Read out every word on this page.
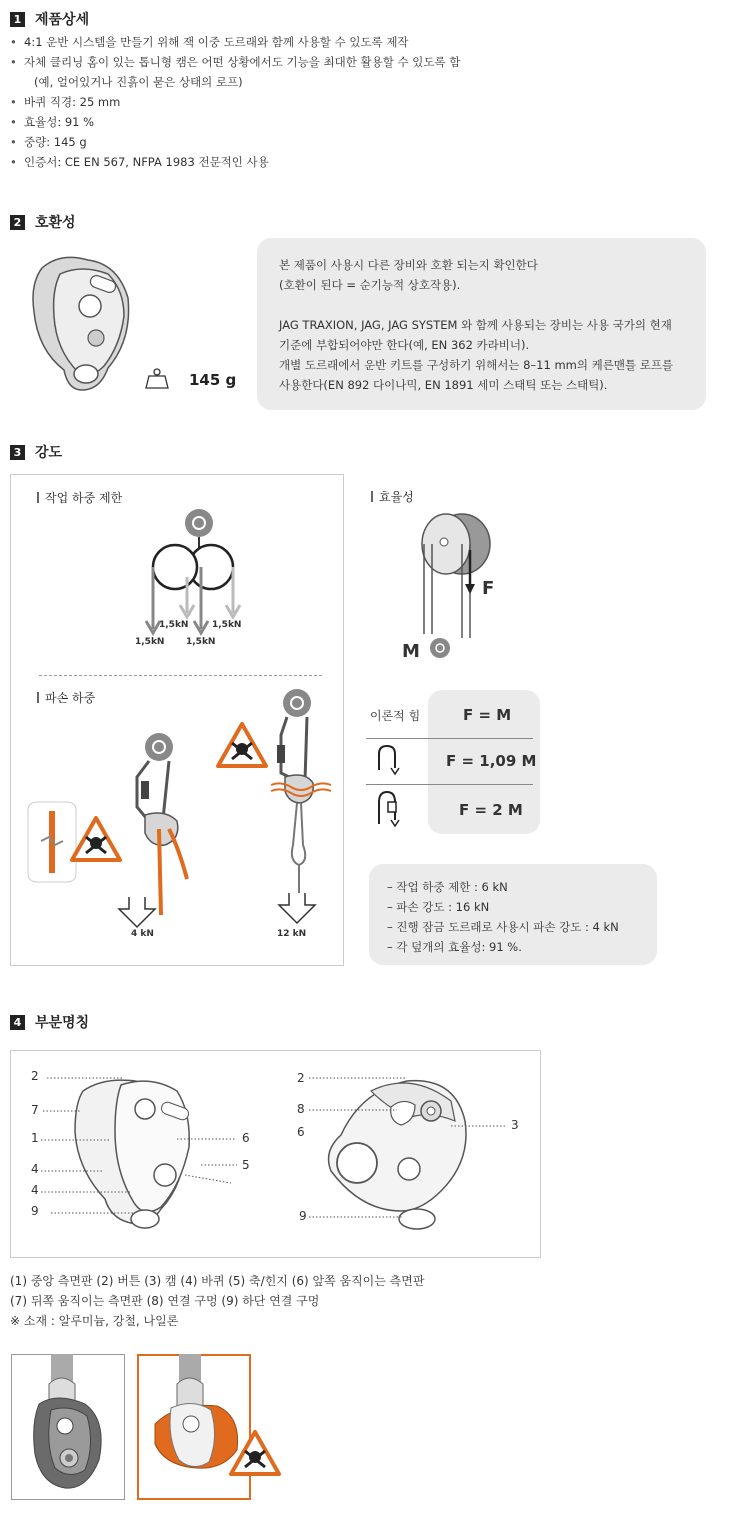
1 제품상세
• 4:1 운반 시스템을 만들기 위해 잭 이중 도르래와 함께 사용할 수 있도록 제작
• 자체 클리닝 홈이 있는 톱니형 캠은 어떤 상황에서도 기능을 최대한 활용할 수 있도록 함
(예, 얼어있거나 진흙이 묻은 상태의 로프)
• 바퀴 직경: 25 mm
• 효율성: 91 %
• 중량: 145 g
• 인증서: CE EN 567, NFPA 1983 전문적인 사용
2 호환성
145 g
본 제품이 사용시 다른 장비와 호환 되는지 확인한다
(호환이 된다 = 순기능적 상호작용).
JAG TRAXION, JAG, JAG SYSTEM 와 함께 사용되는 장비는 사용 국가의 현재
기준에 부합되어야만 한다(예, EN 362 카라비너).
개별 도르래에서 운반 키트를 구성하기 위해서는 8–11 mm의 케른맨틀 로프를
사용한다(EN 892 다이나믹, EN 1891 세미 스태틱 또는 스태틱).
3 강도
작업 하중 제한
1,5kN	1,5kN
1,5kN 1,5kN
파손 하중
4 kN	12 kN
효율성
F
M
이론적 힘	F = M
F = 1,09 M
F = 2 M
– 작업 하중 제한 : 6 kN
– 파손 강도 : 16 kN
– 진행 잠금 도르래로 사용시 파손 강도 : 4 kN
– 각 덮개의 효율성: 91 %.
4 부분명칭
2
7
1
4
4
9
6
5
2
8
6
9
3
(1) 중앙 측면판 (2) 버튼 (3) 캠 (4) 바퀴 (5) 축/힌지 (6) 앞쪽 움직이는 측면판
(7) 뒤쪽 움직이는 측면판 (8) 연결 구멍 (9) 하단 연결 구멍
※ 소재 : 알루미늄, 강철, 나일론
